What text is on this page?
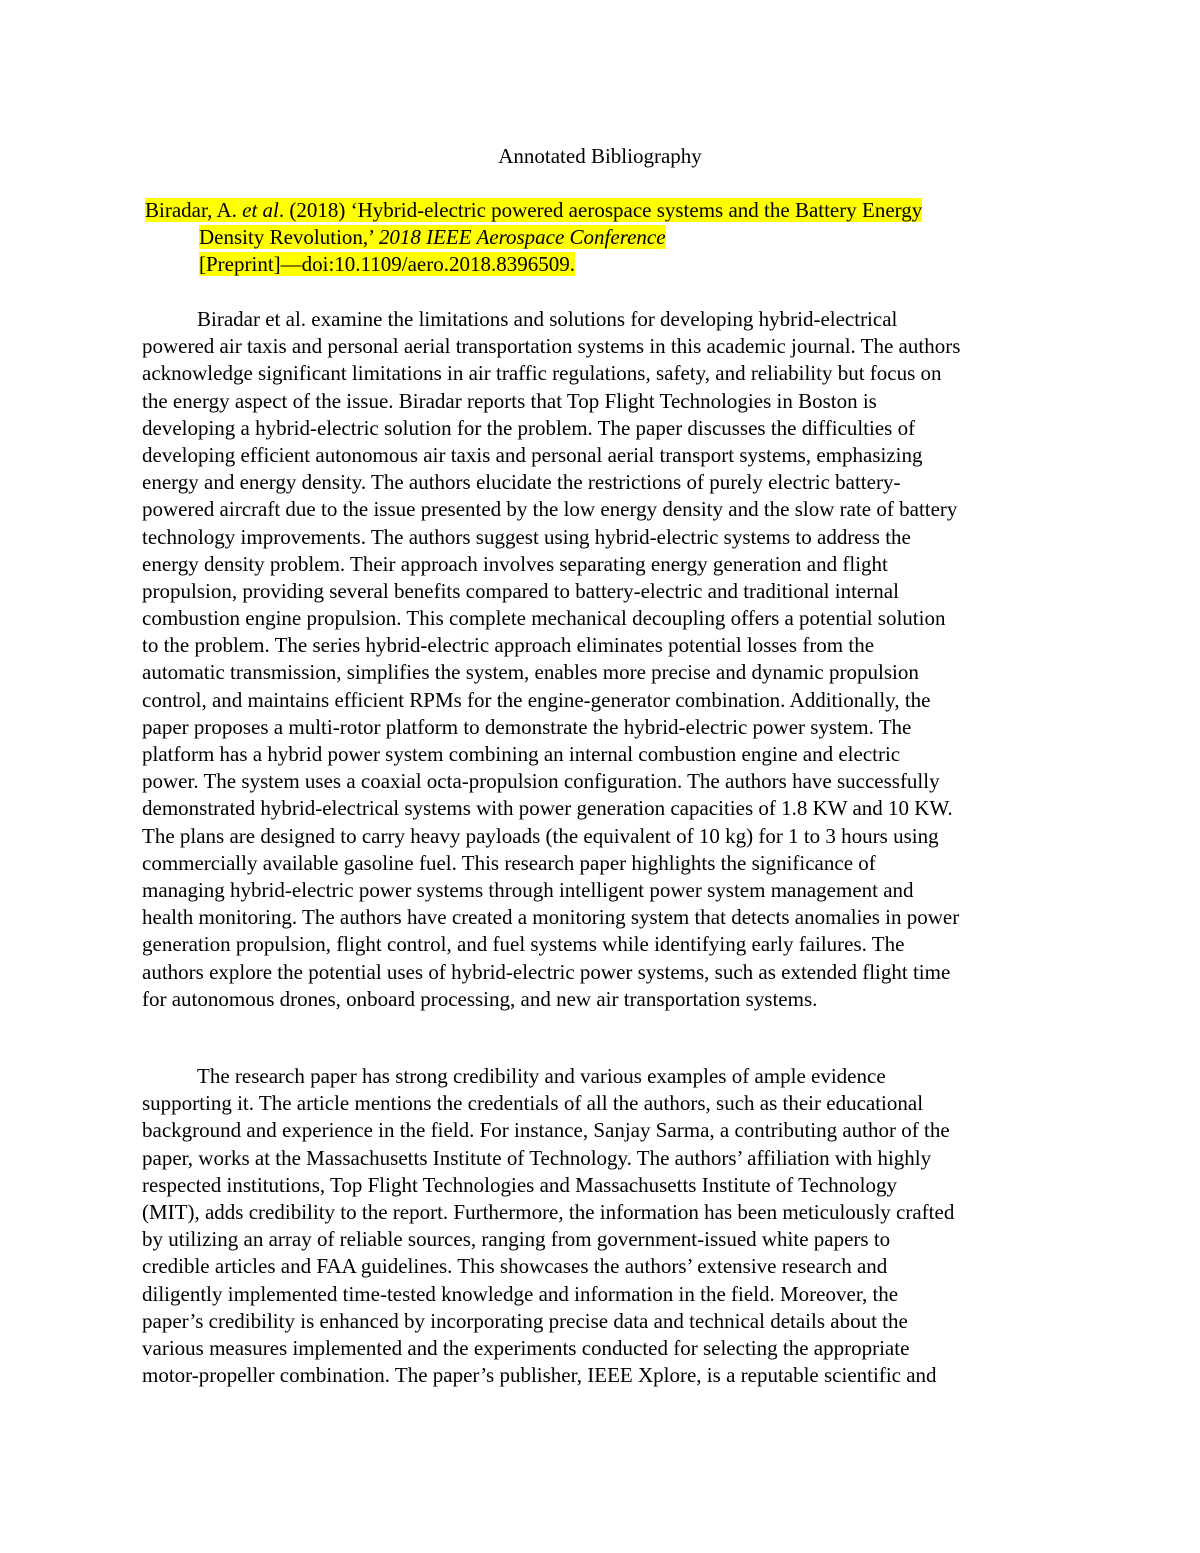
Annotated Bibliography
Biradar, A. et al. (2018) ‘Hybrid-electric powered aerospace systems and the Battery Energy
Density Revolution,’ 2018 IEEE Aerospace Conference
[Preprint]—doi:10.1109/aero.2018.8396509.
Biradar et al. examine the limitations and solutions for developing hybrid-electrical
powered air taxis and personal aerial transportation systems in this academic journal. The authors
acknowledge significant limitations in air traffic regulations, safety, and reliability but focus on
the energy aspect of the issue. Biradar reports that Top Flight Technologies in Boston is
developing a hybrid-electric solution for the problem. The paper discusses the difficulties of
developing efficient autonomous air taxis and personal aerial transport systems, emphasizing
energy and energy density. The authors elucidate the restrictions of purely electric battery-
powered aircraft due to the issue presented by the low energy density and the slow rate of battery
technology improvements. The authors suggest using hybrid-electric systems to address the
energy density problem. Their approach involves separating energy generation and flight
propulsion, providing several benefits compared to battery-electric and traditional internal
combustion engine propulsion. This complete mechanical decoupling offers a potential solution
to the problem. The series hybrid-electric approach eliminates potential losses from the
automatic transmission, simplifies the system, enables more precise and dynamic propulsion
control, and maintains efficient RPMs for the engine-generator combination. Additionally, the
paper proposes a multi-rotor platform to demonstrate the hybrid-electric power system. The
platform has a hybrid power system combining an internal combustion engine and electric
power. The system uses a coaxial octa-propulsion configuration. The authors have successfully
demonstrated hybrid-electrical systems with power generation capacities of 1.8 KW and 10 KW.
The plans are designed to carry heavy payloads (the equivalent of 10 kg) for 1 to 3 hours using
commercially available gasoline fuel. This research paper highlights the significance of
managing hybrid-electric power systems through intelligent power system management and
health monitoring. The authors have created a monitoring system that detects anomalies in power
generation propulsion, flight control, and fuel systems while identifying early failures. The
authors explore the potential uses of hybrid-electric power systems, such as extended flight time
for autonomous drones, onboard processing, and new air transportation systems.
The research paper has strong credibility and various examples of ample evidence
supporting it. The article mentions the credentials of all the authors, such as their educational
background and experience in the field. For instance, Sanjay Sarma, a contributing author of the
paper, works at the Massachusetts Institute of Technology. The authors’ affiliation with highly
respected institutions, Top Flight Technologies and Massachusetts Institute of Technology
(MIT), adds credibility to the report. Furthermore, the information has been meticulously crafted
by utilizing an array of reliable sources, ranging from government-issued white papers to
credible articles and FAA guidelines. This showcases the authors’ extensive research and
diligently implemented time-tested knowledge and information in the field. Moreover, the
paper’s credibility is enhanced by incorporating precise data and technical details about the
various measures implemented and the experiments conducted for selecting the appropriate
motor-propeller combination. The paper’s publisher, IEEE Xplore, is a reputable scientific and
